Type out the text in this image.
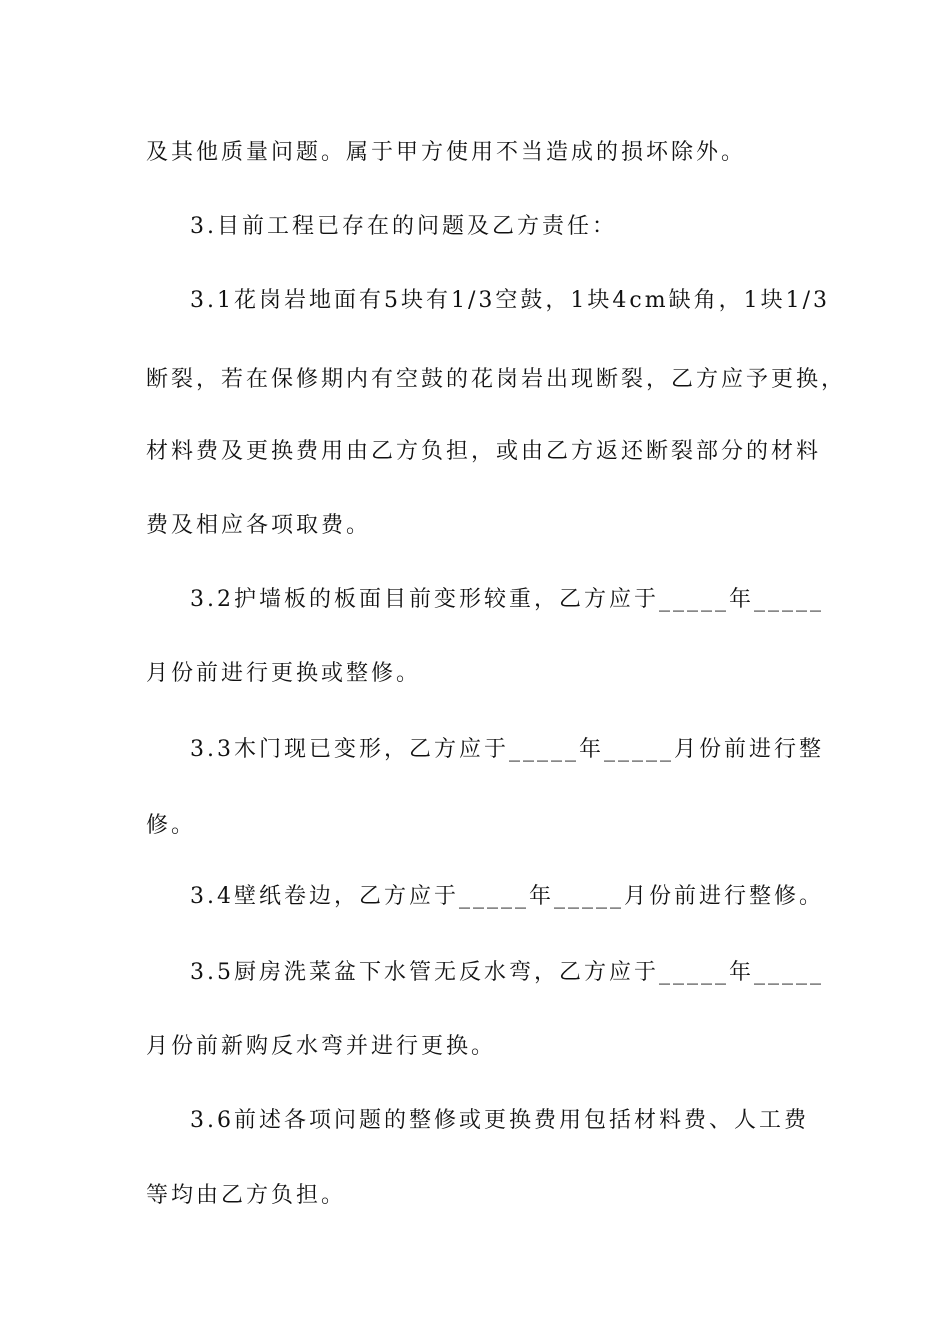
及其他质量问题。属于甲方使用不当造成的损坏除外。
3.目前工程已存在的问题及乙方责任：
3.1花岗岩地面有5块有1/3空鼓，1块4cm缺角，1块1/3
断裂，若在保修期内有空鼓的花岗岩出现断裂，乙方应予更换，
材料费及更换费用由乙方负担，或由乙方返还断裂部分的材料
费及相应各项取费。
3.2护墙板的板面目前变形较重，乙方应于_____年_____
月份前进行更换或整修。
3.3木门现已变形，乙方应于_____年_____月份前进行整
修。
3.4壁纸卷边，乙方应于_____年_____月份前进行整修。
3.5厨房洗菜盆下水管无反水弯，乙方应于_____年_____
月份前新购反水弯并进行更换。
3.6前述各项问题的整修或更换费用包括材料费、人工费
等均由乙方负担。
